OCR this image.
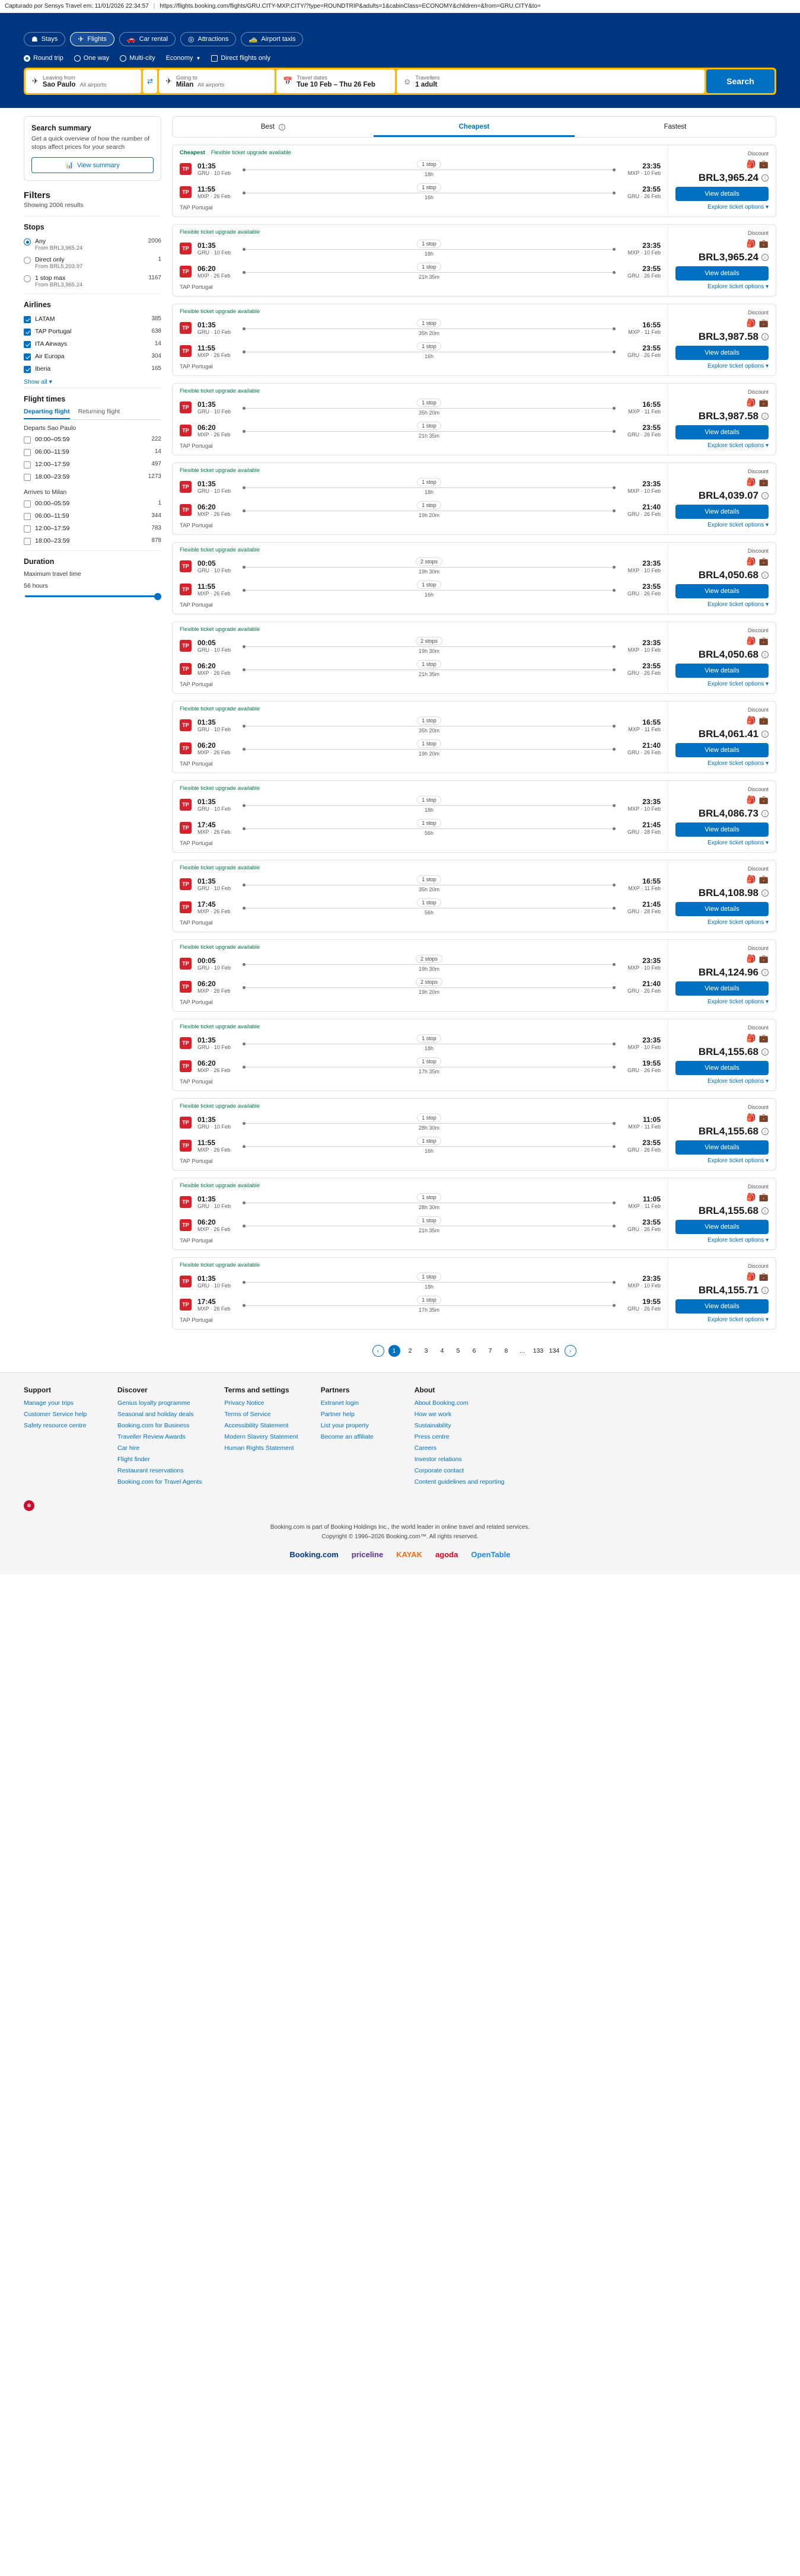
Capturado por Sensys Travel em: 11/01/2026 22:34:57 | https://flights.booking.com/flights/GRU.CITY-MXP.CITY/?type=ROUNDTRIP&adults=1&cabinClass=ECONOMY&children=&from=GRU.CITY&to=
☗ Stays	✈ Flights	🚗 Car rental	◎ Attractions	🚕 Airport taxis
Round trip	One way	Multi-city Economy ▼	Direct flights only
✈ Leaving from
Sao Paulo All airports	⇄	✈ Going to
Milan All airports	📅 Travel dates
Tue 10 Feb – Thu 26 Feb	☺ Travellers
1 adult	Search
Search summary

Get a quick overview of how the number of stops affect prices for your search

📊 View summary
Filters
Showing 2006 results
Stops
Any
From BRL3,965.24
2006
Direct only
From BRL5,203.97
1
1 stop max
From BRL3,965.24
1167
Airlines
LATAM	385
TAP Portugal	638
ITA Airways	14
Air Europa	304
Iberia	165
Show all ▾
Flight times
Departing flight Returning flight
Departs Sao Paulo
00:00–05:59	222
06:00–11:59	14
12:00–17:59	497
18:00–23:59	1273
Arrives to Milan
00:00–05:59	1
06:00–11:59	344
12:00–17:59	783
18:00–23:59	878
Duration
Maximum travel time
56 hours
Best i	Cheapest	Fastest
Cheapest Flexible ticket upgrade available
TP	01:35
GRU · 10 Feb
1 stop
18h
23:35
MXP · 10 Feb
TP	11:55
MXP · 26 Feb
1 stop
16h
23:55
GRU · 26 Feb
TAP Portugal
Discount
🎒 💼
BRL3,965.24	i
View details
Explore ticket options ▾
Flexible ticket upgrade available
TP	01:35
GRU · 10 Feb
1 stop
18h
23:35
MXP · 10 Feb
TP	06:20
MXP · 26 Feb
1 stop
21h 35m
23:55
GRU · 26 Feb
TAP Portugal
Discount
🎒 💼
BRL3,965.24	i
View details
Explore ticket options ▾
Flexible ticket upgrade available
TP	01:35
GRU · 10 Feb
1 stop
35h 20m
16:55
MXP · 11 Feb
TP	11:55
MXP · 26 Feb
1 stop
16h
23:55
GRU · 26 Feb
TAP Portugal
Discount
🎒 💼
BRL3,987.58	i
View details
Explore ticket options ▾
Flexible ticket upgrade available
TP	01:35
GRU · 10 Feb
1 stop
35h 20m
16:55
MXP · 11 Feb
TP	06:20
MXP · 26 Feb
1 stop
21h 35m
23:55
GRU · 26 Feb
TAP Portugal
Discount
🎒 💼
BRL3,987.58	i
View details
Explore ticket options ▾
Flexible ticket upgrade available
TP	01:35
GRU · 10 Feb
1 stop
18h
23:35
MXP · 10 Feb
TP	06:20
MXP · 26 Feb
1 stop
19h 20m
21:40
GRU · 26 Feb
TAP Portugal
Discount
🎒 💼
BRL4,039.07	i
View details
Explore ticket options ▾
Flexible ticket upgrade available
TP	00:05
GRU · 10 Feb
2 stops
19h 30m
23:35
MXP · 10 Feb
TP	11:55
MXP · 26 Feb
1 stop
16h
23:55
GRU · 26 Feb
TAP Portugal
Discount
🎒 💼
BRL4,050.68	i
View details
Explore ticket options ▾
Flexible ticket upgrade available
TP	00:05
GRU · 10 Feb
2 stops
19h 30m
23:35
MXP · 10 Feb
TP	06:20
MXP · 26 Feb
1 stop
21h 35m
23:55
GRU · 26 Feb
TAP Portugal
Discount
🎒 💼
BRL4,050.68	i
View details
Explore ticket options ▾
Flexible ticket upgrade available
TP	01:35
GRU · 10 Feb
1 stop
35h 20m
16:55
MXP · 11 Feb
TP	06:20
MXP · 26 Feb
1 stop
19h 20m
21:40
GRU · 26 Feb
TAP Portugal
Discount
🎒 💼
BRL4,061.41	i
View details
Explore ticket options ▾
Flexible ticket upgrade available
TP	01:35
GRU · 10 Feb
1 stop
18h
23:35
MXP · 10 Feb
TP	17:45
MXP · 26 Feb
1 stop
56h
21:45
GRU · 28 Feb
TAP Portugal
Discount
🎒 💼
BRL4,086.73	i
View details
Explore ticket options ▾
Flexible ticket upgrade available
TP	01:35
GRU · 10 Feb
1 stop
35h 20m
16:55
MXP · 11 Feb
TP	17:45
MXP · 26 Feb
1 stop
56h
21:45
GRU · 28 Feb
TAP Portugal
Discount
🎒 💼
BRL4,108.98	i
View details
Explore ticket options ▾
Flexible ticket upgrade available
TP	00:05
GRU · 10 Feb
2 stops
19h 30m
23:35
MXP · 10 Feb
TP	06:20
MXP · 26 Feb
2 stops
19h 20m
21:40
GRU · 26 Feb
TAP Portugal
Discount
🎒 💼
BRL4,124.96	i
View details
Explore ticket options ▾
Flexible ticket upgrade available
TP	01:35
GRU · 10 Feb
1 stop
18h
23:35
MXP · 10 Feb
TP	06:20
MXP · 26 Feb
1 stop
17h 35m
19:55
GRU · 26 Feb
TAP Portugal
Discount
🎒 💼
BRL4,155.68	i
View details
Explore ticket options ▾
Flexible ticket upgrade available
TP	01:35
GRU · 10 Feb
1 stop
28h 30m
11:05
MXP · 11 Feb
TP	11:55
MXP · 26 Feb
1 stop
16h
23:55
GRU · 26 Feb
TAP Portugal
Discount
🎒 💼
BRL4,155.68	i
View details
Explore ticket options ▾
Flexible ticket upgrade available
TP	01:35
GRU · 10 Feb
1 stop
28h 30m
11:05
MXP · 11 Feb
TP	06:20
MXP · 26 Feb
1 stop
21h 35m
23:55
GRU · 26 Feb
TAP Portugal
Discount
🎒 💼
BRL4,155.68	i
View details
Explore ticket options ▾
Flexible ticket upgrade available
TP	01:35
GRU · 10 Feb
1 stop
18h
23:35
MXP · 10 Feb
TP	17:45
MXP · 26 Feb
1 stop
17h 35m
19:55
GRU · 26 Feb
TAP Portugal
Discount
🎒 💼
BRL4,155.71	i
View details
Explore ticket options ▾
‹	1	2	3	4	5	6	7	8	...	133 134	›
Support
Manage your trips
Customer Service help
Safety resource centre
Discover
Genius loyalty programme
Seasonal and holiday deals
Booking.com for Business
Traveller Review Awards
Car hire
Flight finder
Restaurant reservations
Booking.com for Travel Agents
Terms and settings
Privacy Notice
Terms of Service
Accessibility Statement
Modern Slavery Statement
Human Rights Statement
Partners
Extranet login
Partner help
List your property
Become an affiliate
About
About Booking.com
How we work
Sustainability
Press centre
Careers
Investor relations
Corporate contact
Content guidelines and reporting
✻
Booking.com is part of Booking Holdings Inc., the world leader in online travel and related services.
Copyright © 1996–2026 Booking.com™. All rights reserved.
Booking.com priceline KAYAK agoda OpenTable
